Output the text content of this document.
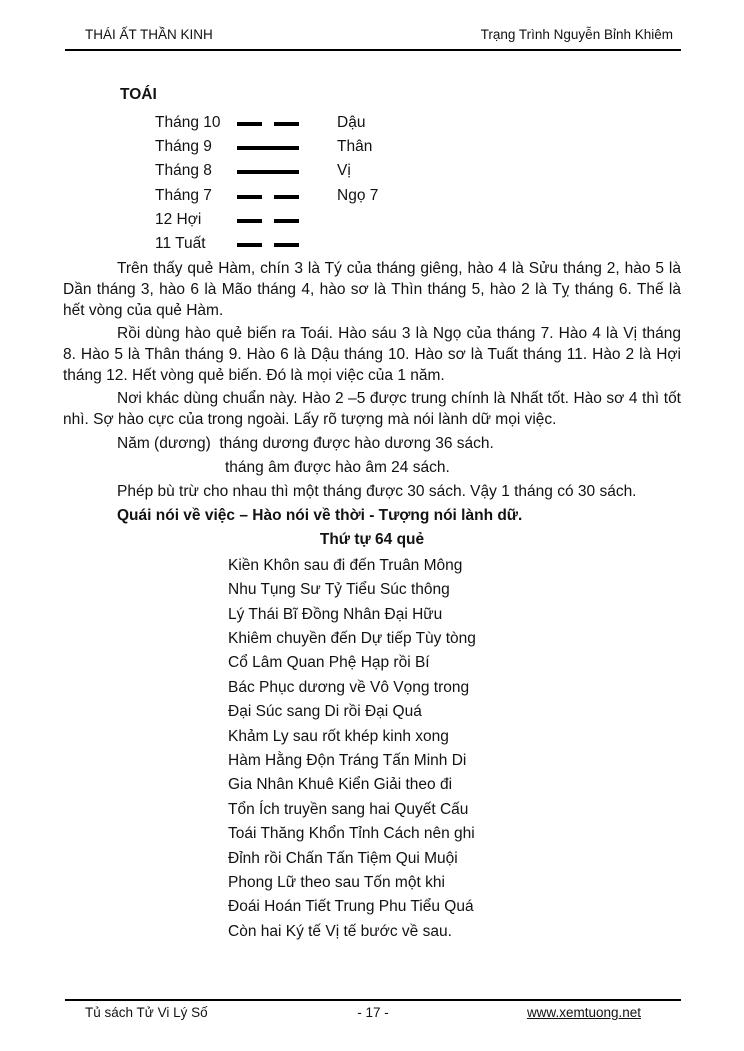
THÁI ẤT THẦN KINH	Trạng Trình Nguyễn Bỉnh Khiêm
TOÁI
Tháng 10	Dậu
Tháng 9	Thân
Tháng 8	Vị
Tháng 7	Ngọ 7
12 Hợi
11 Tuất

Trên thấy quẻ Hàm, chín 3 là Tý của tháng giêng, hào 4 là Sửu tháng 2, hào 5 là Dần tháng 3, hào 6 là Mão tháng 4, hào sơ là Thìn tháng 5, hào 2 là Tỵ tháng 6. Thế là hết vòng của quẻ Hàm.

Rồi dùng hào quẻ biến ra Toái. Hào sáu 3 là Ngọ của tháng 7. Hào 4 là Vị tháng 8. Hào 5 là Thân tháng 9. Hào 6 là Dậu tháng 10. Hào sơ là Tuất tháng 11. Hào 2 là Hợi tháng 12. Hết vòng quẻ biến. Đó là mọi việc của 1 năm.

Nơi khác dùng chuẩn này. Hào 2 –5 được trung chính là Nhất tốt. Hào sơ 4 thì tốt nhì. Sợ hào cực của trong ngoài. Lấy rõ tượng mà nói lành dữ mọi việc.

Năm (dương)  tháng dương được hào dương 36 sách.

tháng âm được hào âm 24 sách.

Phép bù trừ cho nhau thì một tháng được 30 sách. Vậy 1 tháng có 30 sách.

Quái nói về việc – Hào nói về thời - Tượng nói lành dữ.

Thứ tự 64 quẻ

Kiền Khôn sau đi đến Truân Mông

Nhu Tụng Sư Tỷ Tiểu Súc thông

Lý Thái Bĩ Đồng Nhân Đại Hữu

Khiêm chuyền đến Dự tiếp Tùy tòng

Cổ Lâm Quan Phệ Hạp rồi Bí

Bác Phục dương về Vô Vọng trong

Đại Súc sang Di rồi Đại Quá

Khảm Ly sau rốt khép kinh xong

Hàm Hằng Độn Tráng Tấn Minh Di

Gia Nhân Khuê Kiển Giải theo đi

Tổn Ích truyền sang hai Quyết Cấu

Toái Thăng Khổn Tỉnh Cách nên ghi

Đỉnh rồi Chấn Tấn Tiệm Qui Muội

Phong Lữ theo sau Tốn một khi

Đoái Hoán Tiết Trung Phu Tiểu Quá

Còn hai Ký tế Vị tế bước về sau.

Tủ sách Tử Vi Lý Số	- 17 -	www.xemtuong.net
